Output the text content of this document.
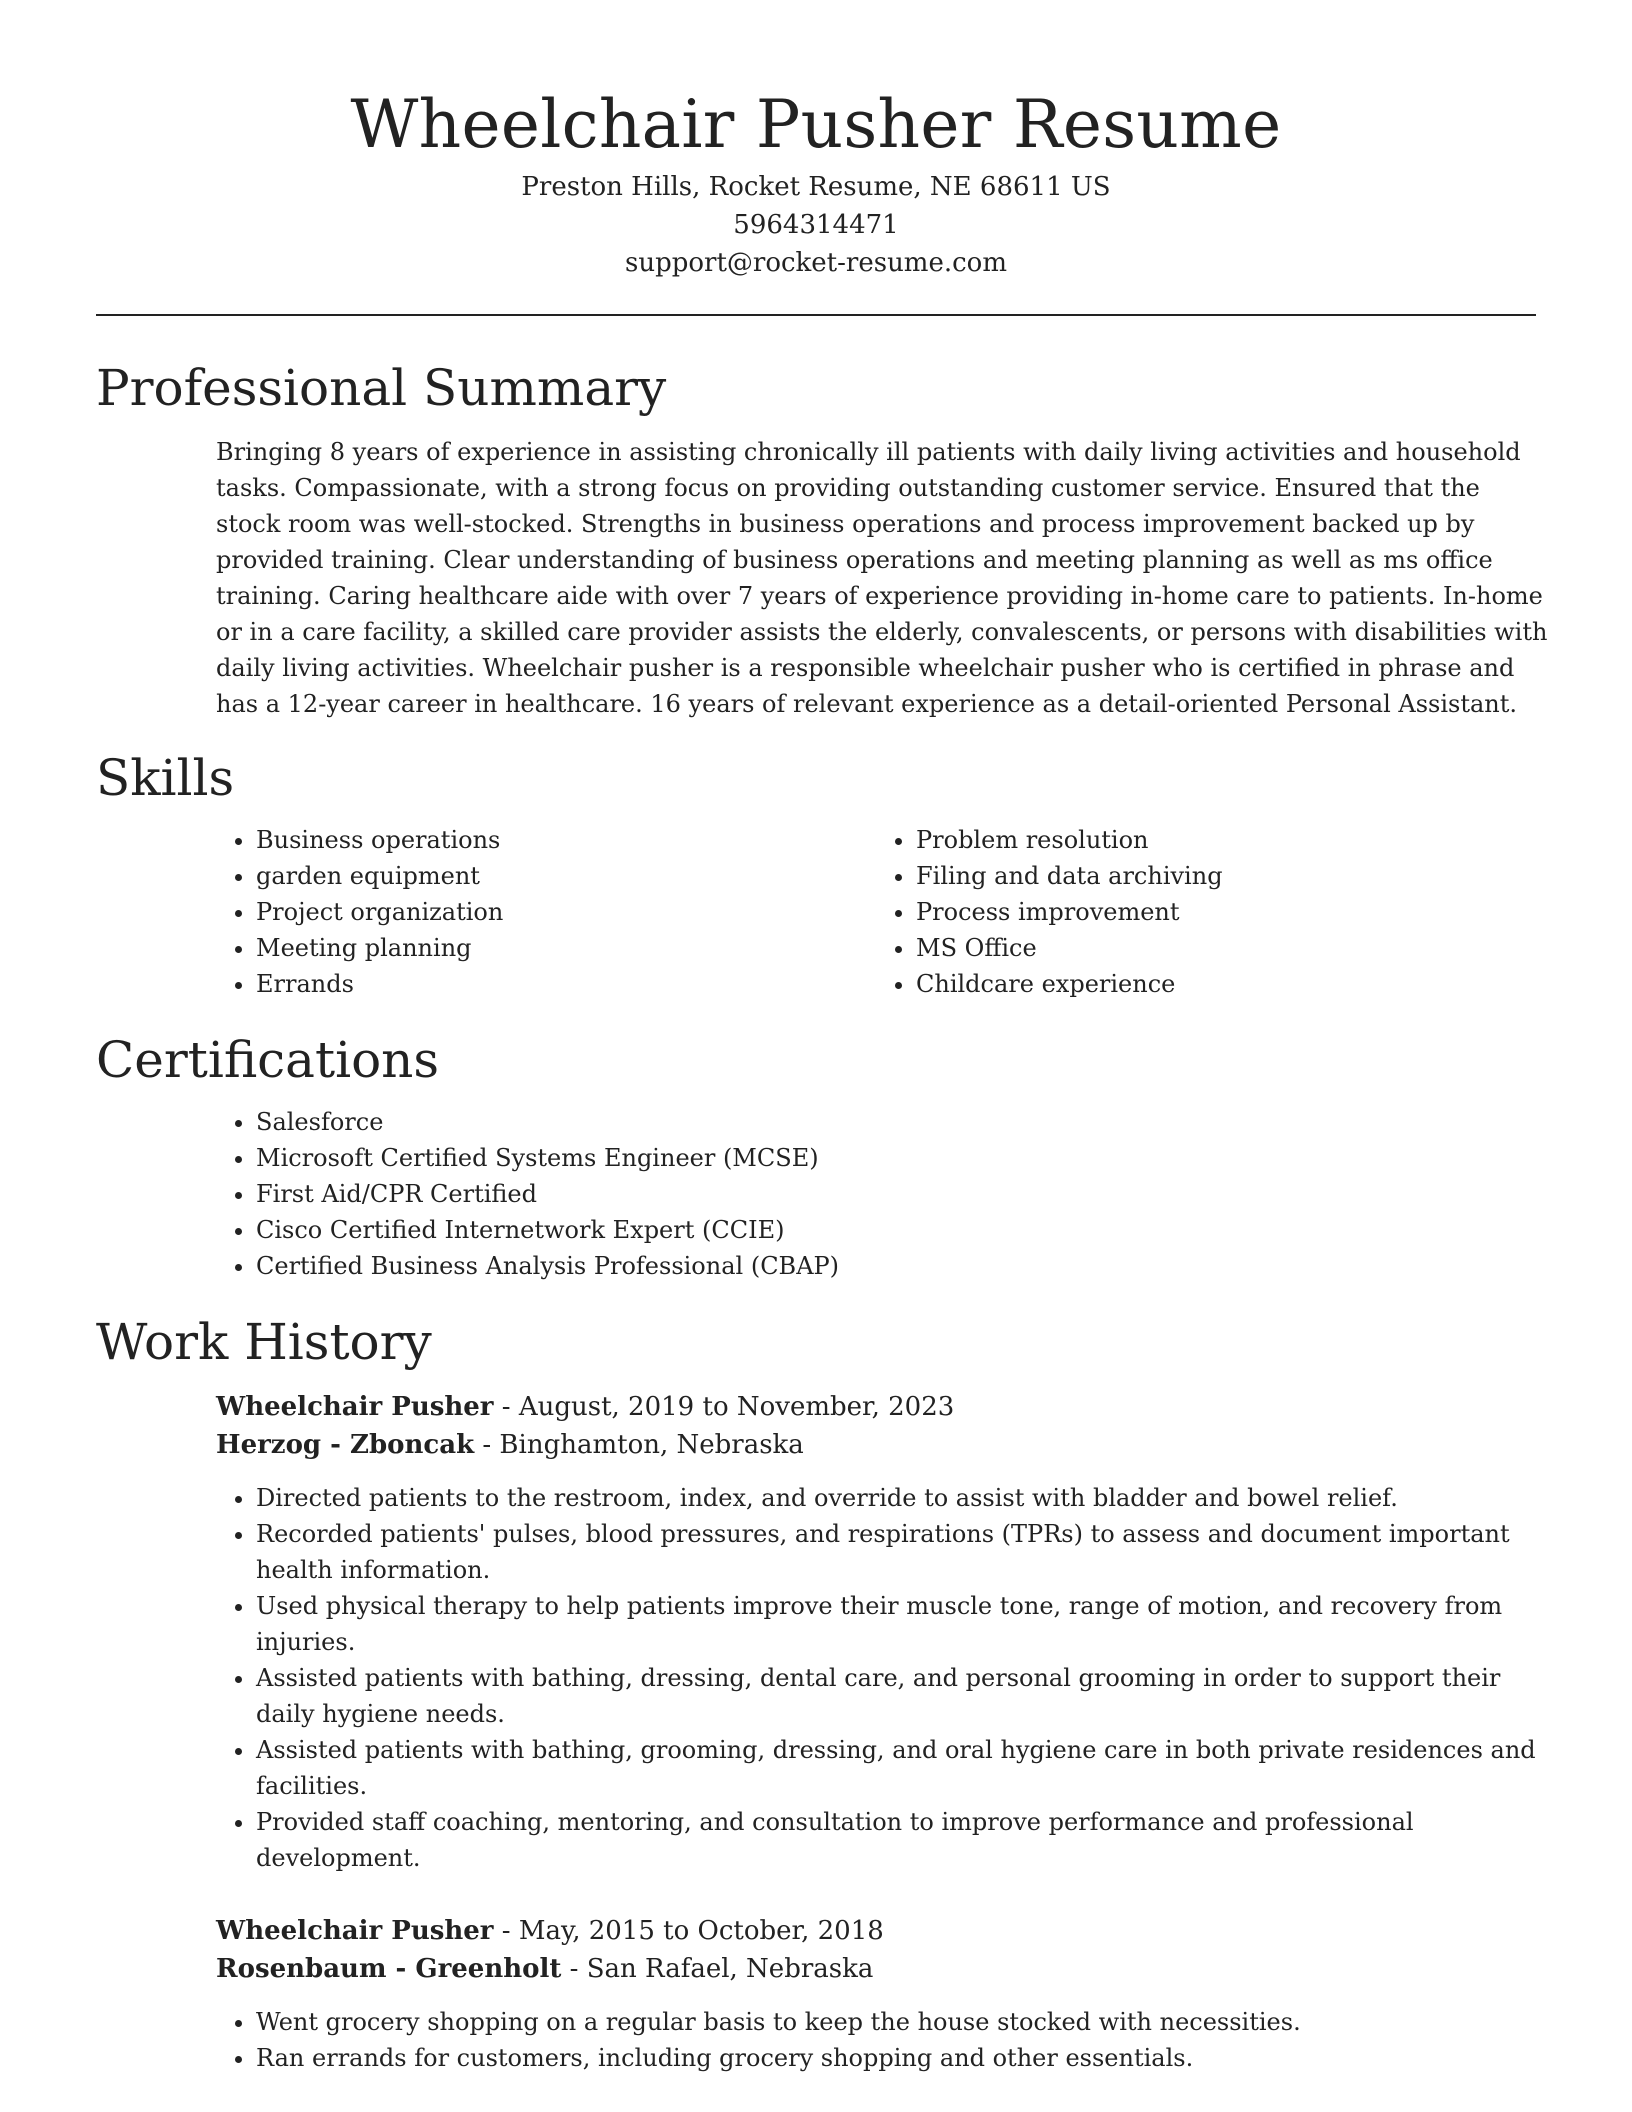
Wheelchair Pusher Resume
Preston Hills, Rocket Resume, NE 68611 US
5964314471
support@rocket-resume.com
Professional Summary

Bringing 8 years of experience in assisting chronically ill patients with daily living activities and household tasks. Compassionate, with a strong focus on providing outstanding customer service. Ensured that the stock room was well-stocked. Strengths in business operations and process improvement backed up by provided training. Clear understanding of business operations and meeting planning as well as ms office training. Caring healthcare aide with over 7 years of experience providing in-home care to patients. In-home or in a care facility, a skilled care provider assists the elderly, convalescents, or persons with disabilities with daily living activities. Wheelchair pusher is a responsible wheelchair pusher who is certified in phrase and has a 12-year career in healthcare. 16 years of relevant experience as a detail-oriented Personal Assistant.

Skills
• Business operations
• garden equipment
• Project organization
• Meeting planning
• Errands
• Problem resolution
• Filing and data archiving
• Process improvement
• MS Office
• Childcare experience
Certifications
• Salesforce
• Microsoft Certified Systems Engineer (MCSE)
• First Aid/CPR Certified
• Cisco Certified Internetwork Expert (CCIE)
• Certified Business Analysis Professional (CBAP)
Work History
Wheelchair Pusher - August, 2019 to November, 2023
Herzog - Zboncak - Binghamton, Nebraska
• Directed patients to the restroom, index, and override to assist with bladder and bowel relief.
• Recorded patients' pulses, blood pressures, and respirations (TPRs) to assess and document important health information.
• Used physical therapy to help patients improve their muscle tone, range of motion, and recovery from injuries.
• Assisted patients with bathing, dressing, dental care, and personal grooming in order to support their daily hygiene needs.
• Assisted patients with bathing, grooming, dressing, and oral hygiene care in both private residences and facilities.
• Provided staff coaching, mentoring, and consultation to improve performance and professional development.
Wheelchair Pusher - May, 2015 to October, 2018
Rosenbaum - Greenholt - San Rafael, Nebraska
• Went grocery shopping on a regular basis to keep the house stocked with necessities.
• Ran errands for customers, including grocery shopping and other essentials.
